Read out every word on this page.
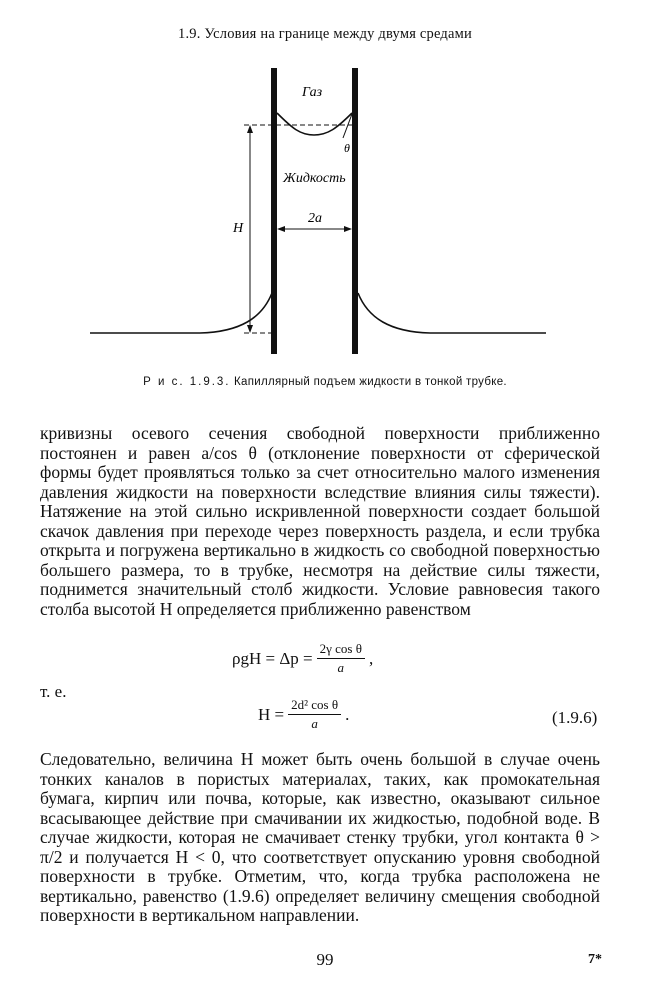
1.9. Условия на границе между двумя средами
Газ
Жидкость
2a
H
θ
Р и с. 1.9.3. Капиллярный подъем жидкости в тонкой трубке.
кривизны осевого сечения свободной поверхности приближенно постоянен и равен a/cos θ (отклонение поверхности от сферической формы будет проявляться только за счет относительно малого изменения давления жидкости на поверхности вследствие влияния силы тяжести). Натяжение на этой сильно искривленной поверхности создает большой скачок давления при переходе через поверхность раздела, и если трубка открыта и погружена вертикально в жидкость со свободной поверхностью большего размера, то в трубке, несмотря на действие силы тяжести, поднимется значительный столб жидкости. Условие равновесия такого столба высотой H определяется приближенно равенством
$\rho gH = \Delta p = \frac{\text{2γ cos θ}}{a}$ ,
т. е.
$H = \frac{\text{2d² cos θ}}{a}$ .	(1.9.6)
Следовательно, величина H может быть очень большой в случае очень тонких каналов в пористых материалах, таких, как промокательная бумага, кирпич или почва, которые, как известно, оказывают сильное всасывающее действие при смачивании их жидкостью, подобной воде. В случае жидкости, которая не смачивает стенку трубки, угол контакта θ > π/2 и получается H < 0, что соответствует опусканию уровня свободной поверхности в трубке. Отметим, что, когда трубка расположена не вертикально, равенство (1.9.6) определяет величину смещения свободной поверхности в вертикальном направлении.
99	7*
